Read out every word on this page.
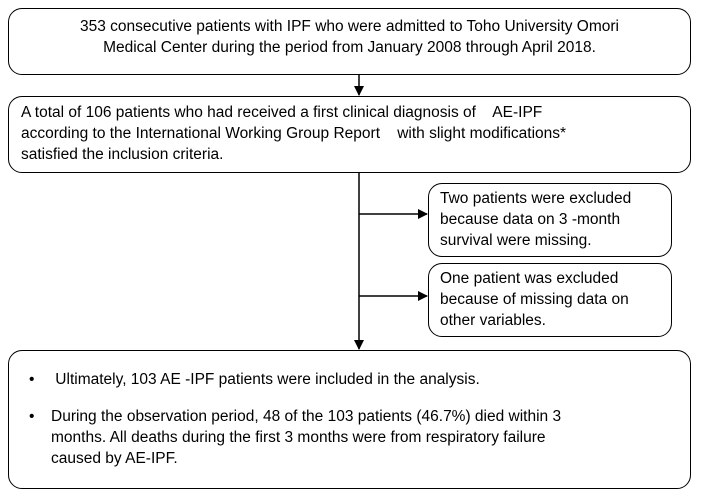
353 consecutive patients with IPF who were admitted to Toho University Omori
Medical Center during the period from January 2008 through April 2018.
A total of 106 patients who had received a first clinical diagnosis of    AE-IPF
according to the International Working Group Report    with slight modifications*
satisfied the inclusion criteria.
Two patients were excluded
because data on 3 -month
survival were missing.
One patient was excluded
because of missing data on
other variables.
• Ultimately, 103 AE -IPF patients were included in the analysis.
• During the observation period, 48 of the 103 patients (46.7%) died within 3
months. All deaths during the first 3 months were from respiratory failure
caused by AE-IPF.
